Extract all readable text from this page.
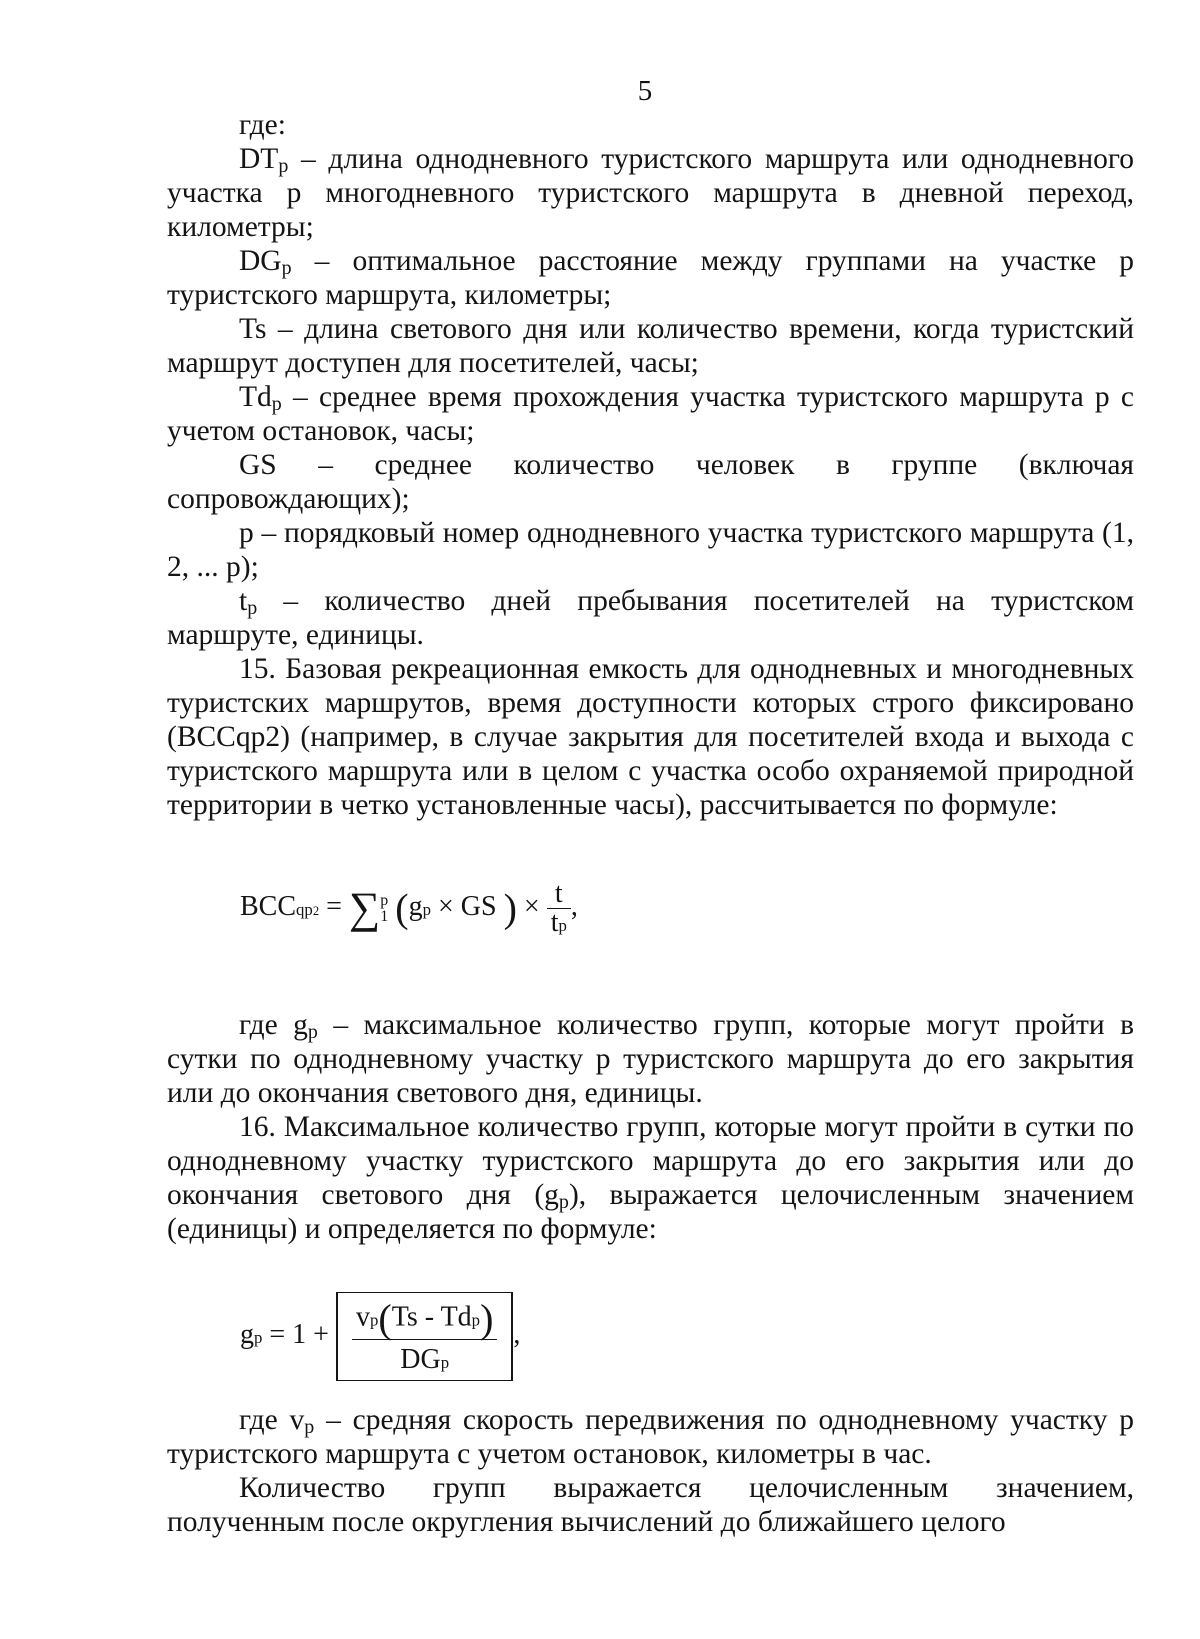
5

где:

$DT_p$ – длина однодневного туристского маршрута или однодневного участка р многодневного туристского маршрута в дневной переход, километры;

$DG_p$ – оптимальное расстояние между группами на участке р туристского маршрута, километры;

Ts – длина светового дня или количество времени, когда туристский маршрут доступен для посетителей, часы;

$Td_p$ – среднее время прохождения участка туристского маршрута р с учетом остановок, часы;

GS – среднее количество человек в группе (включая сопровождающих);

р – порядковый номер однодневного участка туристского маршрута (1, 2, ... р);

$t_p$ – количество дней пребывания посетителей на туристском маршруте, единицы.

15. Базовая рекреационная емкость для однодневных и многодневных туристских маршрутов, время доступности которых строго фиксировано (BCCqp2) (например, в случае закрытия для посетителей входа и выхода с туристского маршрута или в целом с участка особо охраняемой природной территории в четко установленные часы), рассчитывается по формуле:

BCCqp2 = ∑ p
1 (gp × GS ) × $\frac{t}{tp}$ ,

где $g_p$ – максимальное количество групп, которые могут пройти в сутки по однодневному участку р туристского маршрута до его закрытия или до окончания светового дня, единицы.

16. Максимальное количество групп, которые могут пройти в сутки по однодневному участку туристского маршрута до его закрытия или до окончания светового дня $(g_p)$, выражается целочисленным значением (единицы) и определяется по формуле:

gp = $1 + \frac{\text{vp(Ts - Tdp)}}{\text{DGp}}$ ,

где $v_p$ – средняя скорость передвижения по однодневному участку р туристского маршрута с учетом остановок, километры в час.

Количество групп выражается целочисленным значением, полученным после округления вычислений до ближайшего целого
